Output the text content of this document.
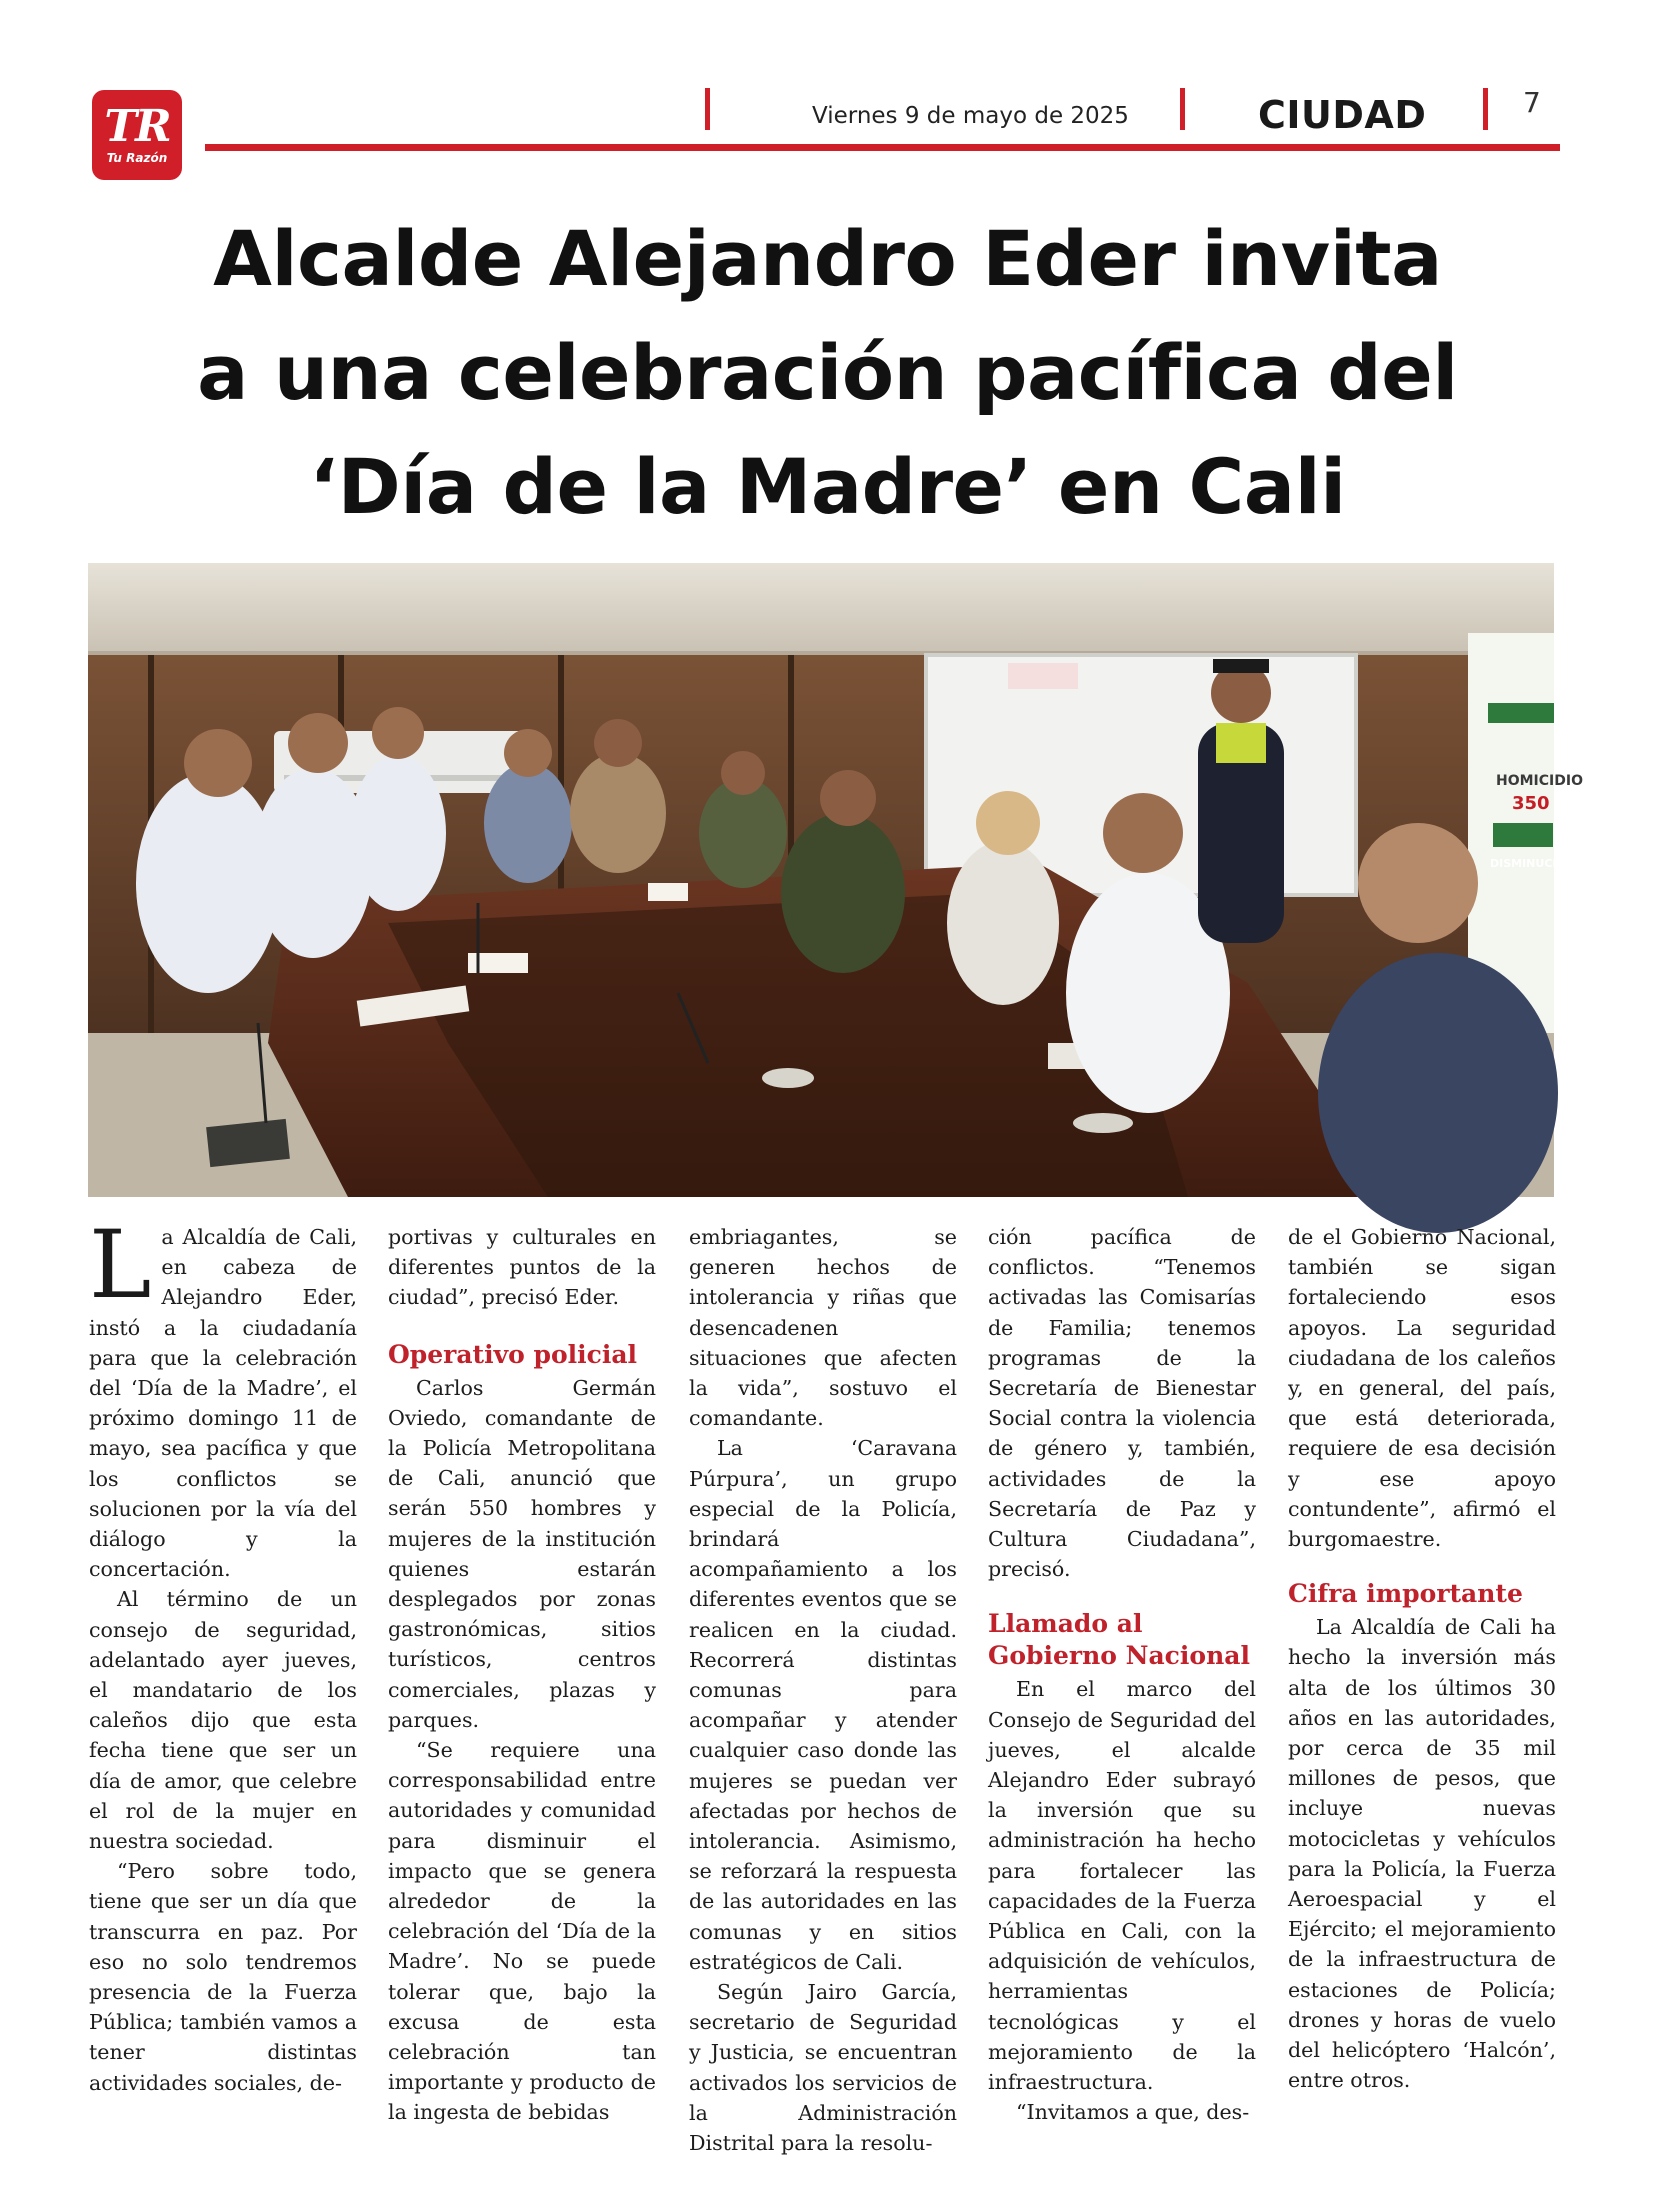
TR
Tu Razón
Viernes 9 de mayo de 2025	CIUDAD	7
Alcalde Alejandro Eder invita
a una celebración pacífica del
‘Día de la Madre’ en Cali
HOMICIDIO
350
DISMINUCIÓN

La Alcaldía de Cali, en cabeza de Alejandro Eder, instó a la ciudadanía para que la celebración del ‘Día de la Madre’, el próximo domingo 11 de mayo, sea pacífica y que los conflictos se solucionen por la vía del diálogo y la concertación.

Al término de un consejo de seguridad, adelantado ayer jueves, el mandatario de los caleños dijo que esta fecha tiene que ser un día de amor, que celebre el rol de la mujer en nuestra sociedad.

“Pero sobre todo, tiene que ser un día que transcurra en paz. Por eso no solo tendremos presencia de la Fuerza Pública; también vamos a tener distintas actividades sociales, de-

portivas y culturales en diferentes puntos de la ciudad”, precisó Eder.

Operativo policial

Carlos Germán Oviedo, comandante de la Policía Metropolitana de Cali, anunció que serán 550 hombres y mujeres de la institución quienes estarán desplegados por zonas gastronómicas, sitios turísticos, centros comerciales, plazas y parques.

“Se requiere una corresponsabilidad entre autoridades y comunidad para disminuir el impacto que se genera alrededor de la celebración del ‘Día de la Madre’. No se puede tolerar que, bajo la excusa de esta celebración tan importante y producto de la ingesta de bebidas

embriagantes, se generen hechos de intolerancia y riñas que desencadenen situaciones que afecten la vida”, sostuvo el comandante.

La ‘Caravana Púrpura’, un grupo especial de la Policía, brindará acompañamiento a los diferentes eventos que se realicen en la ciudad. Recorrerá distintas comunas para acompañar y atender cualquier caso donde las mujeres se puedan ver afectadas por hechos de intolerancia. Asimismo, se reforzará la respuesta de las autoridades en las comunas y en sitios estratégicos de Cali.

Según Jairo García, secretario de Seguridad y Justicia, se encuentran activados los servicios de la Administración Distrital para la resolu-

ción pacífica de conflictos. “Tenemos activadas las Comisarías de Familia; tenemos programas de la Secretaría de Bienestar Social contra la violencia de género y, también, actividades de la Secretaría de Paz y Cultura Ciudadana”, precisó.

Llamado al Gobierno Nacional

En el marco del Consejo de Seguridad del jueves, el alcalde Alejandro Eder subrayó la inversión que su administración ha hecho para fortalecer las capacidades de la Fuerza Pública en Cali, con la adquisición de vehículos, herramientas tecnológicas y el mejoramiento de la infraestructura.

“Invitamos a que, des-

de el Gobierno Nacional, también se sigan fortaleciendo esos apoyos. La seguridad ciudadana de los caleños y, en general, del país, que está deteriorada, requiere de esa decisión y ese apoyo contundente”, afirmó el burgomaestre.

Cifra importante

La Alcaldía de Cali ha hecho la inversión más alta de los últimos 30 años en las autoridades, por cerca de 35 mil millones de pesos, que incluye nuevas motocicletas y vehículos para la Policía, la Fuerza Aeroespacial y el Ejército; el mejoramiento de la infraestructura de estaciones de Policía; drones y horas de vuelo del helicóptero ‘Halcón’, entre otros.
